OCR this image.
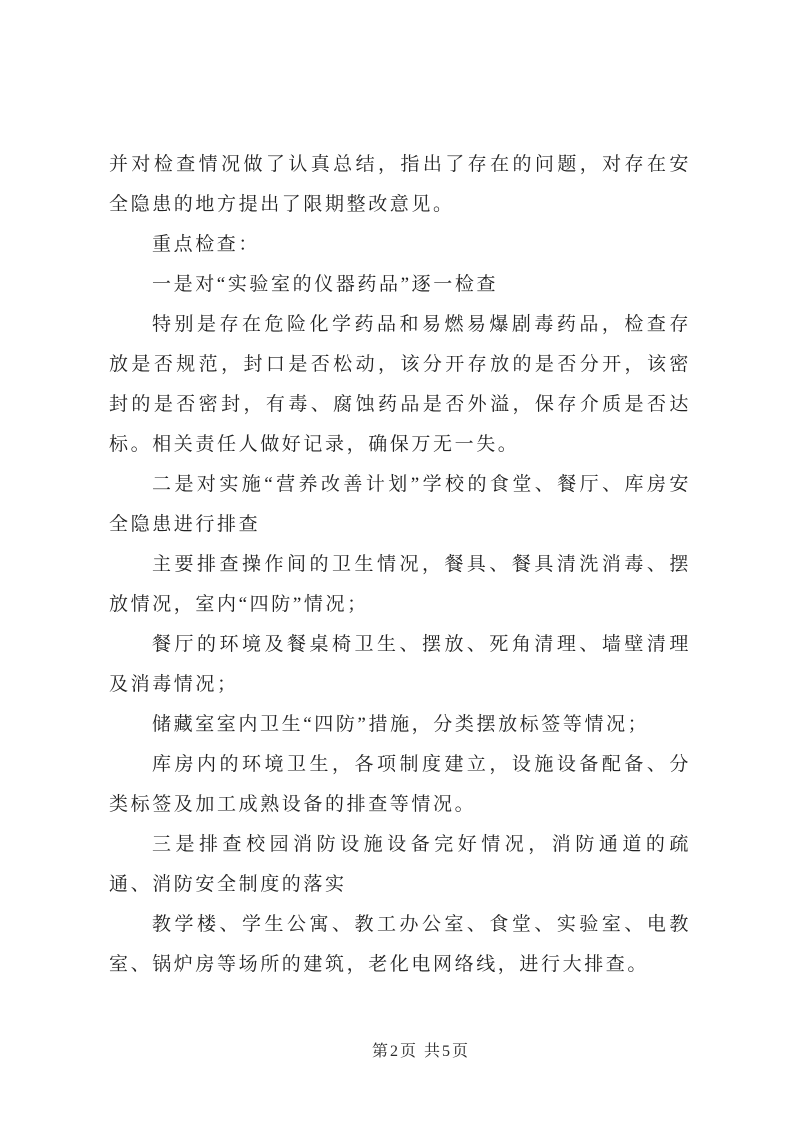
并对检查情况做了认真总结，指出了存在的问题，对存在安全隐患的地方提出了限期整改意见。

重点检查：

一是对“实验室的仪器药品”逐一检查

特别是存在危险化学药品和易燃易爆剧毒药品，检查存放是否规范，封口是否松动，该分开存放的是否分开，该密封的是否密封，有毒、腐蚀药品是否外溢，保存介质是否达标。相关责任人做好记录，确保万无一失。

二是对实施“营养改善计划”学校的食堂、餐厅、库房安全隐患进行排查

主要排查操作间的卫生情况，餐具、餐具清洗消毒、摆放情况，室内“四防”情况；

餐厅的环境及餐桌椅卫生、摆放、死角清理、墙壁清理及消毒情况；

储藏室室内卫生“四防”措施，分类摆放标签等情况；

库房内的环境卫生，各项制度建立，设施设备配备、分类标签及加工成熟设备的排查等情况。

三是排查校园消防设施设备完好情况，消防通道的疏通、消防安全制度的落实

教学楼、学生公寓、教工办公室、食堂、实验室、电教室、锅炉房等场所的建筑，老化电网络线，进行大排查。

第2页 共5页
